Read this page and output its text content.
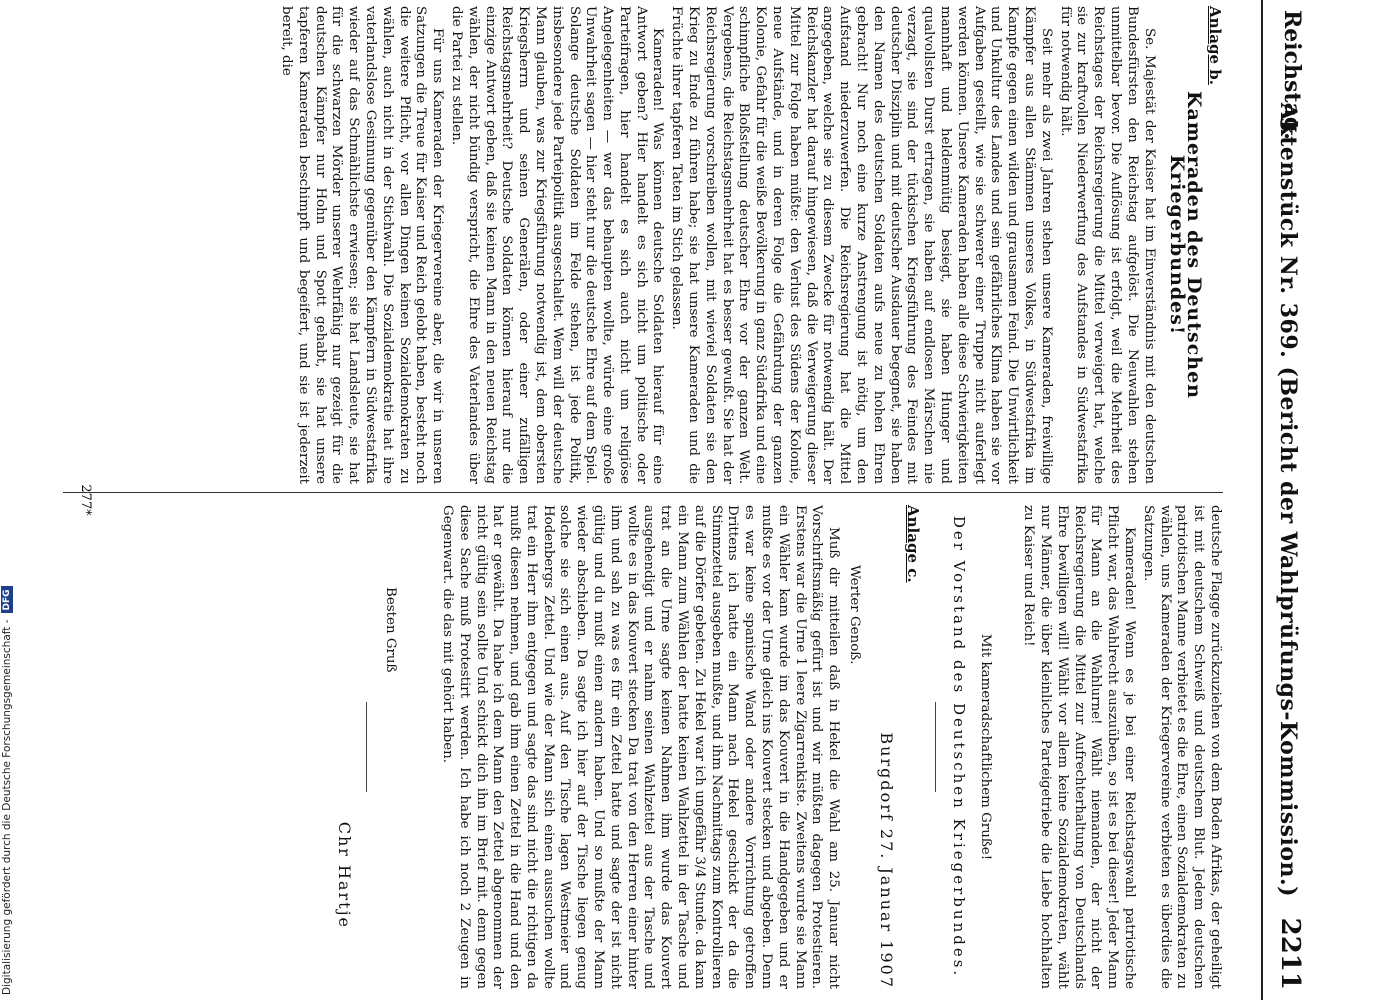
Reichstag.
Aktenstück Nr. 369. (Bericht der Wahlprüfungs-Kommission.)
2211

Anlage b.

Kameraden des Deutschen Kriegerbundes!

Se. Majestät der Kaiser hat im Einverständnis mit den deutschen Bundesfürsten den Reichstag aufgelöst. Die Neuwahlen stehen unmittelbar bevor. Die Auflösung ist erfolgt, weil die Mehrheit des Reichstages der Reichsregierung die Mittel verweigert hat, welche sie zur kraftvollen Niederwerfung des Aufstandes in Südwestafrika für notwendig hält.

Seit mehr als zwei Jahren stehen unsere Kameraden, freiwillige Kämpfer aus allen Stämmen unseres Volkes, in Südwestafrika im Kampfe gegen einen wilden und grausamen Feind. Die Unwirtlichkeit und Unkultur des Landes und sein gefährliches Klima haben sie vor Aufgaben gestellt, wie sie schwerer einer Truppe nicht auferlegt werden können. Unsere Kameraden haben alle diese Schwierigkeiten mannhaft und heldenmütig besiegt, sie haben Hunger und qualvollsten Durst ertragen, sie haben auf endlosen Märschen nie verzagt, sie sind der tückischen Kriegsführung des Feindes mit deutscher Disziplin und mit deutscher Ausdauer begegnet, sie haben den Namen des deutschen Soldaten aufs neue zu hohen Ehren gebracht! Nur noch eine kurze Anstrengung ist nötig, um den Aufstand niederzuwerfen. Die Reichsregierung hat die Mittel angegeben, welche sie zu diesem Zwecke für notwendig hält. Der Reichskanzler hat darauf hingewiesen, daß die Verweigerung dieser Mittel zur Folge haben müßte: den Verlust des Südens der Kolonie, neue Aufstände, und in deren Folge die Gefährdung der ganzen Kolonie, Gefahr für die weiße Bevölkerung in ganz Südafrika und eine schimpfliche Bloßstellung deutscher Ehre vor der ganzen Welt. Vergebens, die Reichstagsmehrheit hat es besser gewußt. Sie hat der Reichsregierung vorschreiben wollen, mit wieviel Soldaten sie den Krieg zu Ende zu führen habe; sie hat unsere Kameraden und die Früchte ihrer tapferen Taten im Stich gelassen.

Kameraden! Was können deutsche Soldaten hierauf für eine Antwort geben? Hier handelt es sich nicht um politische oder Parteifragen, hier handelt es sich auch nicht um religiöse Angelegenheiten — wer das behaupten wollte, würde eine große Unwahrheit sagen — hier steht nur die deutsche Ehre auf dem Spiel. Solange deutsche Soldaten im Felde stehen, ist jede Politik, insbesondere jede Parteipolitik ausgeschaltet. Wem will der deutsche Mann glauben, was zur Kriegsführung notwendig ist, dem obersten Kriegsherrn und seinen Generälen, oder einer zufälligen Reichstagsmehrheit? Deutsche Soldaten können hierauf nur die einzige Antwort geben, daß sie keinen Mann in den neuen Reichstag wählen, der nicht bündig verspricht, die Ehre des Vaterlandes über die Partei zu stellen.

Für uns Kameraden der Kriegervereine aber, die wir in unseren Satzungen die Treue für Kaiser und Reich gelobt haben, besteht noch die weitere Pflicht, vor allen Dingen keinen Sozialdemokraten zu wählen, auch nicht in der Stichwahl. Die Sozialdemokratie hat ihre vaterlandslose Gesinnung gegenüber den Kämpfern in Südwestafrika wieder auf das Schmählichste erwiesen; sie hat Landsleute, sie hat für die schwarzen Mörder unserer Wehrfähig nur gezeigt für die deutschen Kämpfer nur Hohn und Spott gehabt, sie hat unsere tapferen Kameraden beschimpft und begeifert, und sie ist jederzeit bereit, die

deutsche Flagge zurückzuziehen von dem Boden Afrikas, der geheiligt ist mit deutschem Schweiß und deutschem Blut. Jedem deutschen patriotischen Manne verbietet es die Ehre, einen Sozialdemokraten zu wählen, uns Kameraden der Kriegervereine verbieten es überdies die Satzungen.

Kameraden! Wenn es je bei einer Reichstagswahl patriotische Pflicht war, das Wahlrecht auszuüben, so ist es bei dieser! Jeder Mann für Mann an die Wahlurne! Wählt niemanden, der nicht der Reichsregierung die Mittel zur Aufrechterhaltung von Deutschlands Ehre bewilligen will! Wählt vor allem keine Sozialdemokraten, wählt nur Männer, die über kleinliches Parteigetriebe die Liebe hochhalten zu Kaiser und Reich!

Mit kameradschaftlichem Gruße!

Der Vorstand des Deutschen Kriegerbundes.

Anlage c.

Burgdorf 27. Januar 1907

Werter Genoß.

Muß dir mitteilen daß in Hekel die Wahl am 25. Januar nicht Vorschriftsmäßig gefürt ist und wir müßten dagegen Protestieren. Erstens war die Urne 1 leere Zigarrenkiste. Zweitens wurde sie Mann ein Wähler kam wurde im das Kouvert in die Handgegeben und er mußte es vor der Urne gleich ins Kouvert stecken und abgeben. Denn es war keine spanische Wand oder andere Vorrichtung getroffen Drittens ich hatte ein Mann nach Hekel geschickt der da die Stimmzettel ausgeben mußte, und ihm Nachmittags zum Kontrollieren auf die Dörfer gebeten. Zu Hekel war ich ungefähr 3/4 Stunde. da kam ein Mann zum Wählen der hatte keinen Wahlzettel in der Tasche und trat an die Urne sagte keinen Nahmen ihm wurde das Kouvert ausgehendigt und er nahm seinen Wahlzettel aus der Tasche und wollte es in das Kouvert stecken Da trat von den Herren einer hinter ihm und sah zu was es für ein Zettel hatte und sagte der ist nicht gültig und du mußt einen andern haben. Und so mußte der Mann wieder abschieben. Da sagte ich hier auf der Tische liegen genug solche sie sich einen aus. Auf den Tische lagen Westmeier und Hodenbergs Zettel. Und wie der Mann sich einen aussuchen wollte trat ein Herr ihm entgegen und sagte das sind nicht die richtigen da mußt diesen nehmen, und gab ihm einen Zettel in die Hand und den hat er gewählt. Da habe ich dem Mann den Zettel abgenommen der nicht gültig sein sollte Und schickt dich ihn im Brief mit. denn gegen diese Sache muß Protestirt werden. Ich habe ich noch 2 Zeugen in Gegenwart. die das mit gehört haben.

Besten Gruß

Chr Hartje

277*
Digitalisierung gefördert durch die Deutsche Forschungsgemeinschaft -
DFG
